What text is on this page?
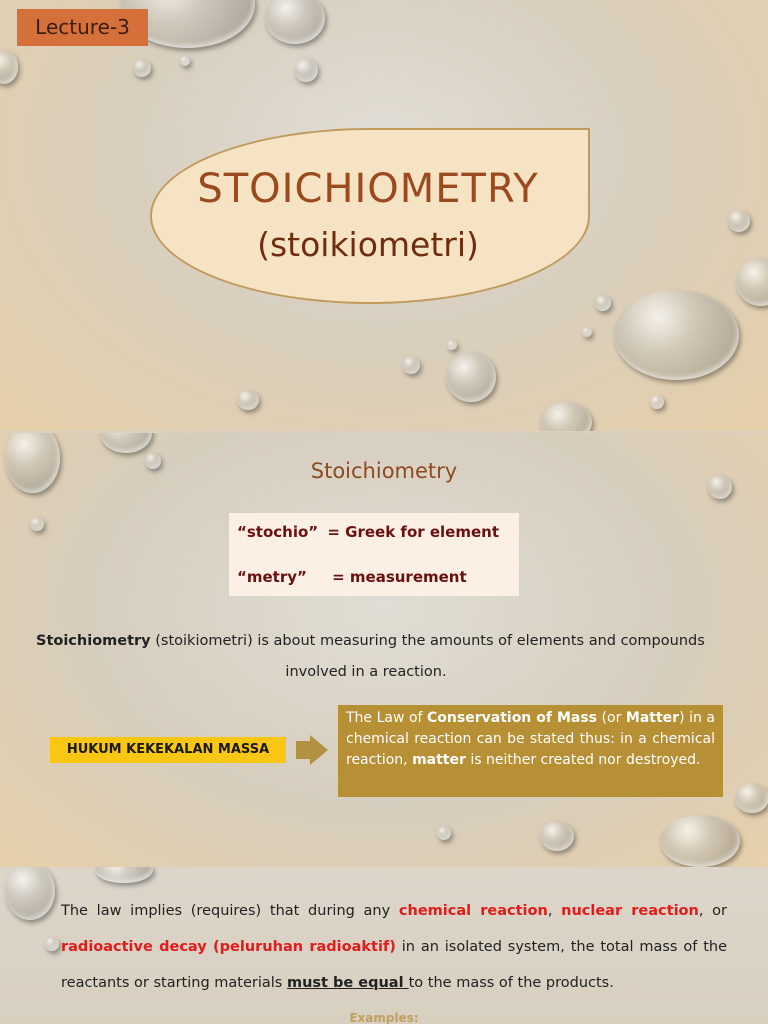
Lecture-3
STOICHIOMETRY
(stoikiometri)
Stoichiometry
“stochio” = Greek for element
“metry” = measurement
Stoichiometry (stoikiometri) is about measuring the amounts of elements and compounds
involved in a reaction.
HUKUM KEKEKALAN MASSA
The Law of Conservation of Mass (or Matter) in a chemical reaction can be stated thus: in a chemical reaction, matter is neither created nor destroyed.
The law implies (requires) that during any chemical reaction, nuclear reaction, or radioactive decay (peluruhan radioaktif) in an isolated system, the total mass of the reactants or starting materials must be equal to the mass of the products.
Examples:
